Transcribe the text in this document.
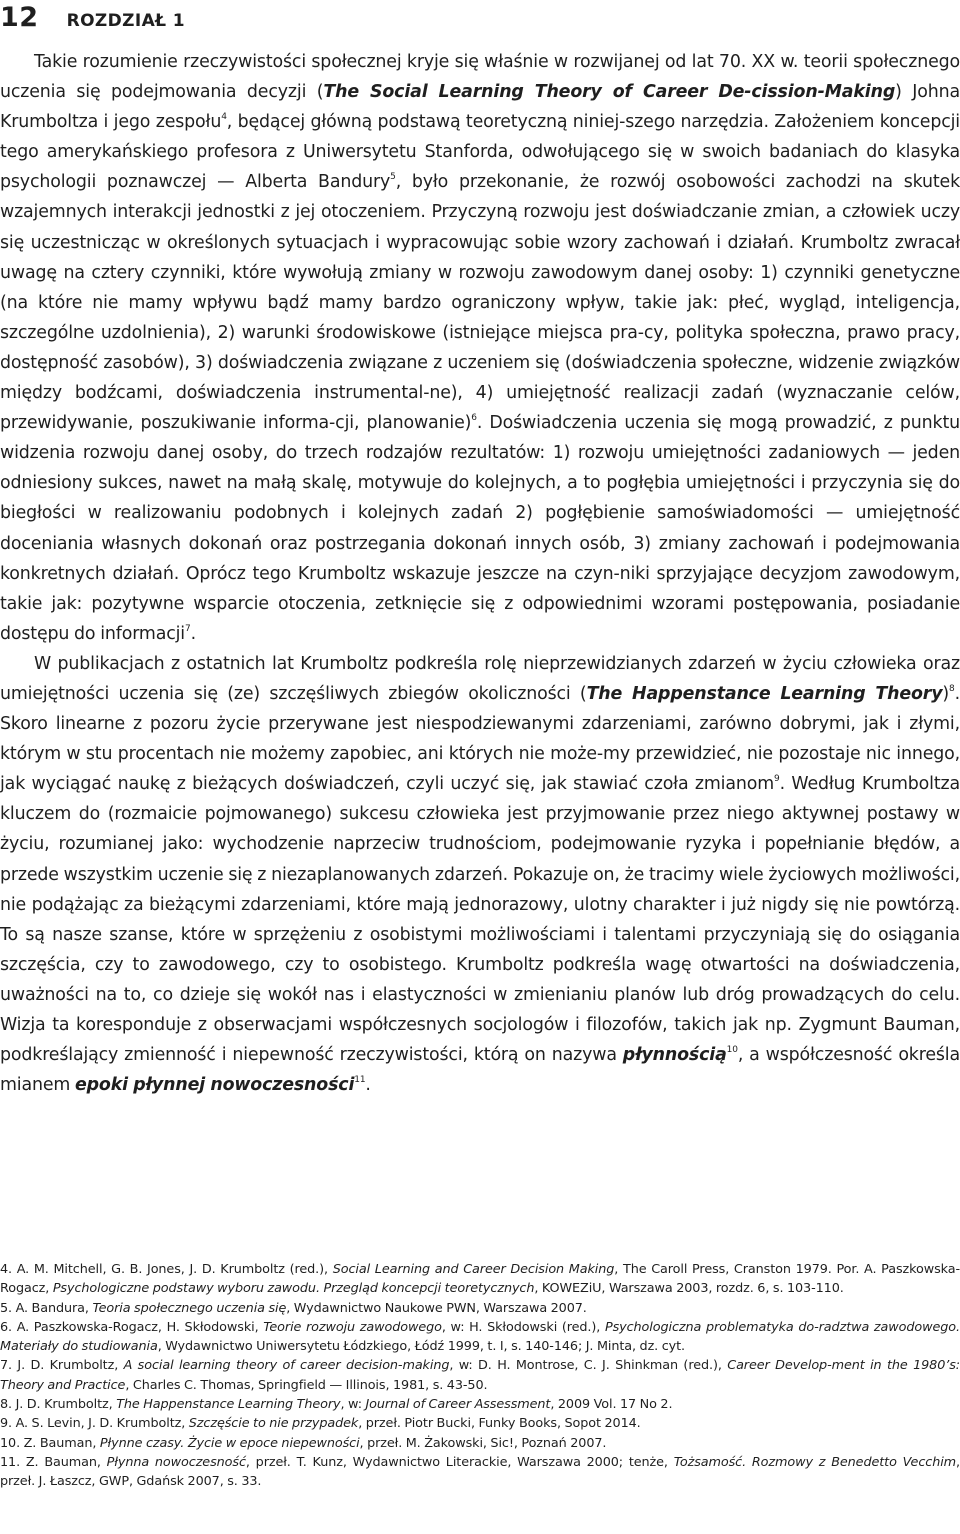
12 ROZDZIAŁ 1

Takie rozumienie rzeczywistości społecznej kryje się właśnie w rozwijanej od lat 70. XX w. teorii społecznego uczenia się podejmowania decyzji (The Social Learning Theory of Career De-cission-Making) Johna Krumboltza i jego zespołu$^4$, będącej główną podstawą teoretyczną niniej-szego narzędzia. Założeniem koncepcji tego amerykańskiego profesora z Uniwersytetu Stanforda, odwołującego się w swoich badaniach do klasyka psychologii poznawczej — Alberta Bandury$^5$, było przekonanie, że rozwój osobowości zachodzi na skutek wzajemnych interakcji jednostki z jej otoczeniem. Przyczyną rozwoju jest doświadczanie zmian, a człowiek uczy się uczestnicząc w określonych sytuacjach i wypracowując sobie wzory zachowań i działań. Krumboltz zwracał uwagę na cztery czynniki, które wywołują zmiany w rozwoju zawodowym danej osoby: 1) czynniki genetyczne (na które nie mamy wpływu bądź mamy bardzo ograniczony wpływ, takie jak: płeć, wygląd, inteligencja, szczególne uzdolnienia), 2) warunki środowiskowe (istniejące miejsca pra-cy, polityka społeczna, prawo pracy, dostępność zasobów), 3) doświadczenia związane z uczeniem się (doświadczenia społeczne, widzenie związków między bodźcami, doświadczenia instrumental-ne), 4) umiejętność realizacji zadań (wyznaczanie celów, przewidywanie, poszukiwanie informa-cji, planowanie)$^6$. Doświadczenia uczenia się mogą prowadzić, z punktu widzenia rozwoju danej osoby, do trzech rodzajów rezultatów: 1) rozwoju umiejętności zadaniowych — jeden odniesiony sukces, nawet na małą skalę, motywuje do kolejnych, a to pogłębia umiejętności i przyczynia się do biegłości w realizowaniu podobnych i kolejnych zadań 2) pogłębienie samoświadomości — umiejętność doceniania własnych dokonań oraz postrzegania dokonań innych osób, 3) zmiany zachowań i podejmowania konkretnych działań. Oprócz tego Krumboltz wskazuje jeszcze na czyn-niki sprzyjające decyzjom zawodowym, takie jak: pozytywne wsparcie otoczenia, zetknięcie się z odpowiednimi wzorami postępowania, posiadanie dostępu do informacji$^7$.

W publikacjach z ostatnich lat Krumboltz podkreśla rolę nieprzewidzianych zdarzeń w życiu człowieka oraz umiejętności uczenia się (ze) szczęśliwych zbiegów okoliczności (The Happenstance Learning Theory)$^8$. Skoro linearne z pozoru życie przerywane jest niespodziewanymi zdarzeniami, zarówno dobrymi, jak i złymi, którym w stu procentach nie możemy zapobiec, ani których nie może-my przewidzieć, nie pozostaje nic innego, jak wyciągać naukę z bieżących doświadczeń, czyli uczyć się, jak stawiać czoła zmianom$^9$. Według Krumboltza kluczem do (rozmaicie pojmowanego) sukcesu człowieka jest przyjmowanie przez niego aktywnej postawy w życiu, rozumianej jako: wychodzenie naprzeciw trudnościom, podejmowanie ryzyka i popełnianie błędów, a przede wszystkim uczenie się z niezaplanowanych zdarzeń. Pokazuje on, że tracimy wiele życiowych możliwości, nie podążając za bieżącymi zdarzeniami, które mają jednorazowy, ulotny charakter i już nigdy się nie powtórzą. To są nasze szanse, które w sprzężeniu z osobistymi możliwościami i talentami przyczyniają się do osiągania szczęścia, czy to zawodowego, czy to osobistego. Krumboltz podkreśla wagę otwartości na doświadczenia, uważności na to, co dzieje się wokół nas i elastyczności w zmienianiu planów lub dróg prowadzących do celu. Wizja ta koresponduje z obserwacjami współczesnych socjologów i filozofów, takich jak np. Zygmunt Bauman, podkreślający zmienność i niepewność rzeczywistości, którą on nazywa płynnością$^{10}$, a współczesność określa mianem epoki płynnej nowoczesności$^{11}$.

4. A. M. Mitchell, G. B. Jones, J. D. Krumboltz (red.), Social Learning and Career Decision Making, The Caroll Press, Cranston 1979. Por. A. Paszkowska-Rogacz, Psychologiczne podstawy wyboru zawodu. Przegląd koncepcji teoretycznych, KOWEZiU, Warszawa 2003, rozdz. 6, s. 103-110.

5. A. Bandura, Teoria społecznego uczenia się, Wydawnictwo Naukowe PWN, Warszawa 2007.

6. A. Paszkowska-Rogacz, H. Skłodowski, Teorie rozwoju zawodowego, w: H. Skłodowski (red.), Psychologiczna problematyka do-radztwa zawodowego. Materiały do studiowania, Wydawnictwo Uniwersytetu Łódzkiego, Łódź 1999, t. I, s. 140-146; J. Minta, dz. cyt.

7. J. D. Krumboltz, A social learning theory of career decision-making, w: D. H. Montrose, C. J. Shinkman (red.), Career Develop-ment in the 1980’s: Theory and Practice, Charles C. Thomas, Springfield — Illinois, 1981, s. 43-50.

8. J. D. Krumboltz, The Happenstance Learning Theory, w: Journal of Career Assessment, 2009 Vol. 17 No 2.

9. A. S. Levin, J. D. Krumboltz, Szczęście to nie przypadek, przeł. Piotr Bucki, Funky Books, Sopot 2014.

10. Z. Bauman, Płynne czasy. Życie w epoce niepewności, przeł. M. Żakowski, Sic!, Poznań 2007.

11. Z. Bauman, Płynna nowoczesność, przeł. T. Kunz, Wydawnictwo Literackie, Warszawa 2000; tenże, Tożsamość. Rozmowy z Benedetto Vecchim, przeł. J. Łaszcz, GWP, Gdańsk 2007, s. 33.
